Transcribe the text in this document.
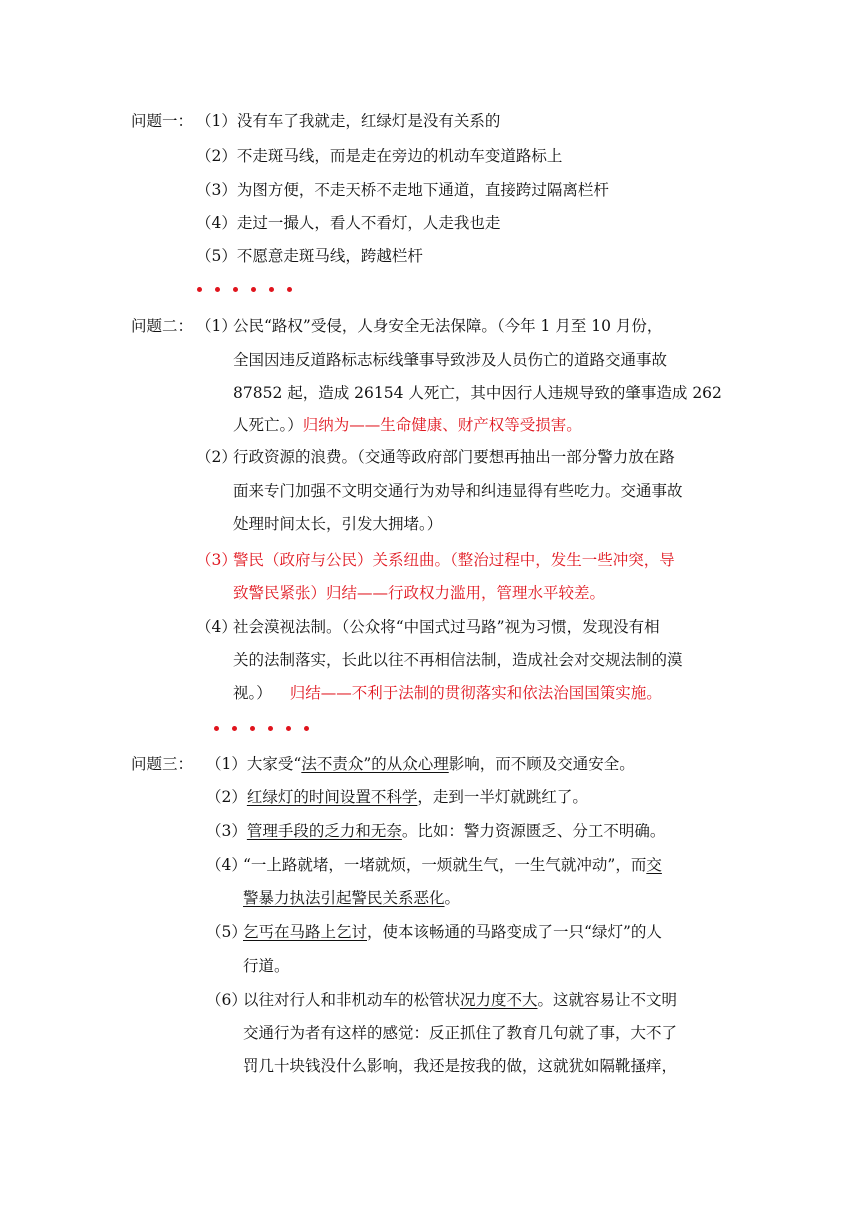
问题一： （1）没有车了我就走，红绿灯是没有关系的
（2）不走斑马线，而是走在旁边的机动车变道路标上
（3）为图方便，不走天桥不走地下通道，直接跨过隔离栏杆
（4）走过一撮人，看人不看灯，人走我也走
（5）不愿意走斑马线，跨越栏杆
问题二： （1）
公民“路权”受侵，人身安全无法保障。（今年 1 月至 10 月份，
全国因违反道路标志标线肇事导致涉及人员伤亡的道路交通事故
87852 起，造成 26154 人死亡，其中因行人违规导致的肇事造成 262
人死亡。）归纳为——生命健康、财产权等受损害。
（2）
行政资源的浪费。（交通等政府部门要想再抽出一部分警力放在路
面来专门加强不文明交通行为劝导和纠违显得有些吃力。交通事故
处理时间太长，引发大拥堵。）
（3）
警民（政府与公民）关系纽曲。（整治过程中，发生一些冲突，导
致警民紧张）归结——行政权力滥用，管理水平较差。
（4）
社会漠视法制。（公众将“中国式过马路”视为习惯，发现没有相
关的法制落实，长此以往不再相信法制，造成社会对交规法制的漠
视。） 归结——不利于法制的贯彻落实和依法治国国策实施。
问题三： （1）大家受“法不责众”的从众心理影响，而不顾及交通安全。
（2）红绿灯的时间设置不科学，走到一半灯就跳红了。
（3）管理手段的乏力和无奈。比如：警力资源匮乏、分工不明确。
（4）
“一上路就堵，一堵就烦，一烦就生气，一生气就冲动”，而交
警暴力执法引起警民关系恶化。
（5）
乞丐在马路上乞讨，使本该畅通的马路变成了一只“绿灯”的人
行道。
（6）
以往对行人和非机动车的松管状况力度不大。这就容易让不文明
交通行为者有这样的感觉：反正抓住了教育几句就了事，大不了
罚几十块钱没什么影响，我还是按我的做，这就犹如隔靴搔痒，
